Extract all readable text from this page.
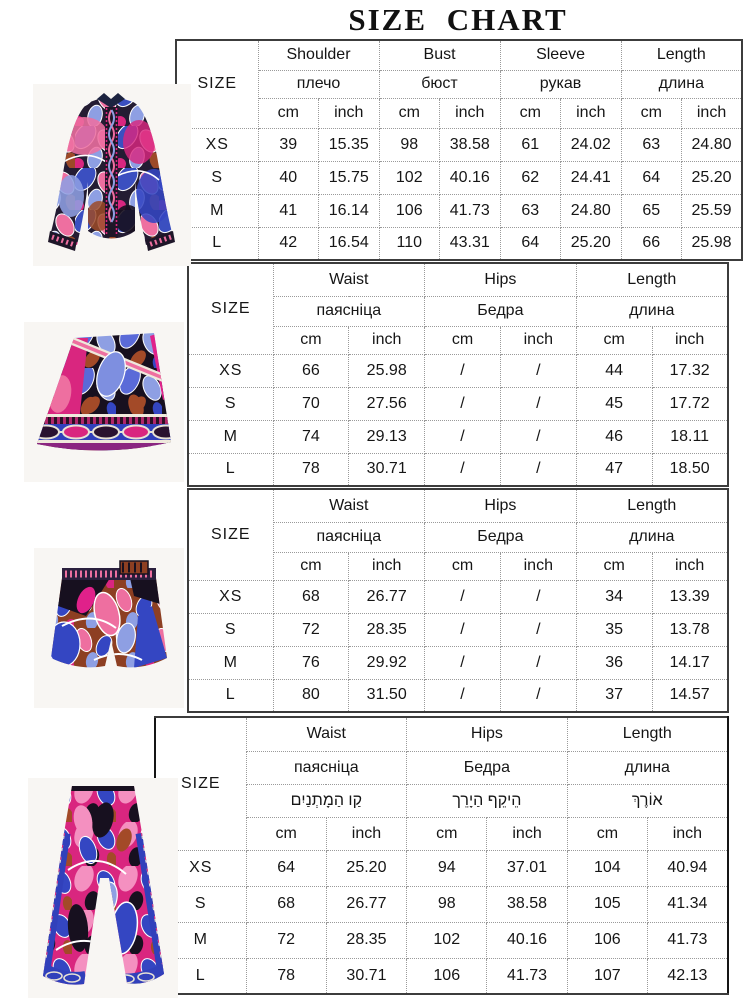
SIZE CHART
SIZE	Shoulder		Bust		Sleeve		Length	
	плечо		бюст		рукав		длина	
	cm	inch	cm	inch	cm	inch	cm	inch
XS	39	15.35	98	38.58	61	24.02	63	24.80
S	40	15.75	102	40.16	62	24.41	64	25.20
M	41	16.14	106	41.73	63	24.80	65	25.59
L	42	16.54	110	43.31	64	25.20	66	25.98
SIZE	Waist		Hips		Length	
	паясніца		Бедра		длина	
	cm	inch	cm	inch	cm	inch
XS	66	25.98	/	/	44	17.32
S	70	27.56	/	/	45	17.72
M	74	29.13	/	/	46	18.11
L	78	30.71	/	/	47	18.50
SIZE	Waist		Hips		Length	
	паясніца		Бедра		длина	
	cm	inch	cm	inch	cm	inch
XS	68	26.77	/	/	34	13.39
S	72	28.35	/	/	35	13.78
M	76	29.92	/	/	36	14.17
L	80	31.50	/	/	37	14.57
SIZE	Waist		Hips		Length	
	паясніца		Бедра		длина	
	קַו הַמָתְנַיִם		הֵיקֵף הַיָרֵך		אוֹרֶךְ	
	cm	inch	cm	inch	cm	inch
XS	64	25.20	94	37.01	104	40.94
S	68	26.77	98	38.58	105	41.34
M	72	28.35	102	40.16	106	41.73
L	78	30.71	106	41.73	107	42.13
